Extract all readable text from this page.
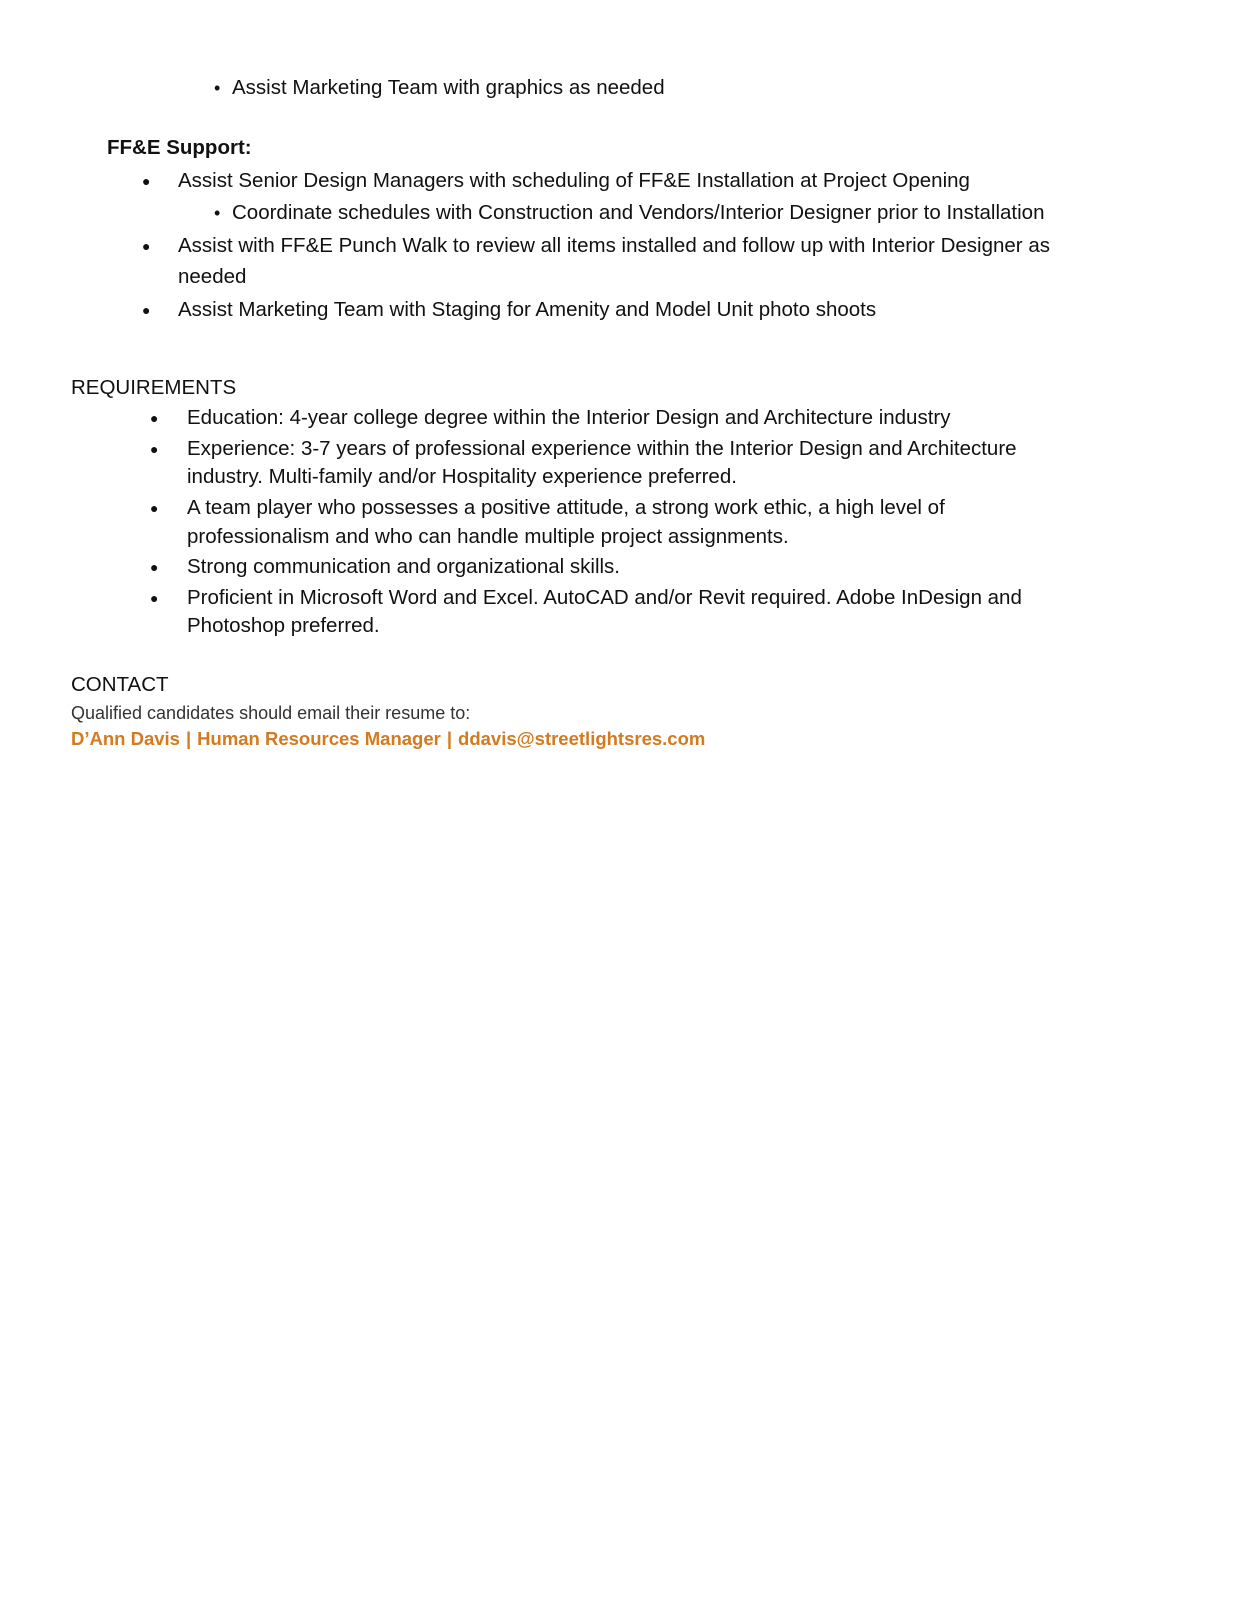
• Assist Marketing Team with graphics as needed
FF&E Support:
● Assist Senior Design Managers with scheduling of FF&E Installation at Project Opening
• Coordinate schedules with Construction and Vendors/Interior Designer prior to Installation
● Assist with FF&E Punch Walk to review all items installed and follow up with Interior Designer as
needed
● Assist Marketing Team with Staging for Amenity and Model Unit photo shoots
REQUIREMENTS
● Education: 4-year college degree within the Interior Design and Architecture industry
● Experience: 3-7 years of professional experience within the Interior Design and Architecture
industry. Multi-family and/or Hospitality experience preferred.
● A team player who possesses a positive attitude, a strong work ethic, a high level of
professionalism and who can handle multiple project assignments.
● Strong communication and organizational skills.
● Proficient in Microsoft Word and Excel. AutoCAD and/or Revit required. Adobe InDesign and
Photoshop preferred.
CONTACT
Qualified candidates should email their resume to:
D’Ann Davis | Human Resources Manager | ddavis@streetlightsres.com
